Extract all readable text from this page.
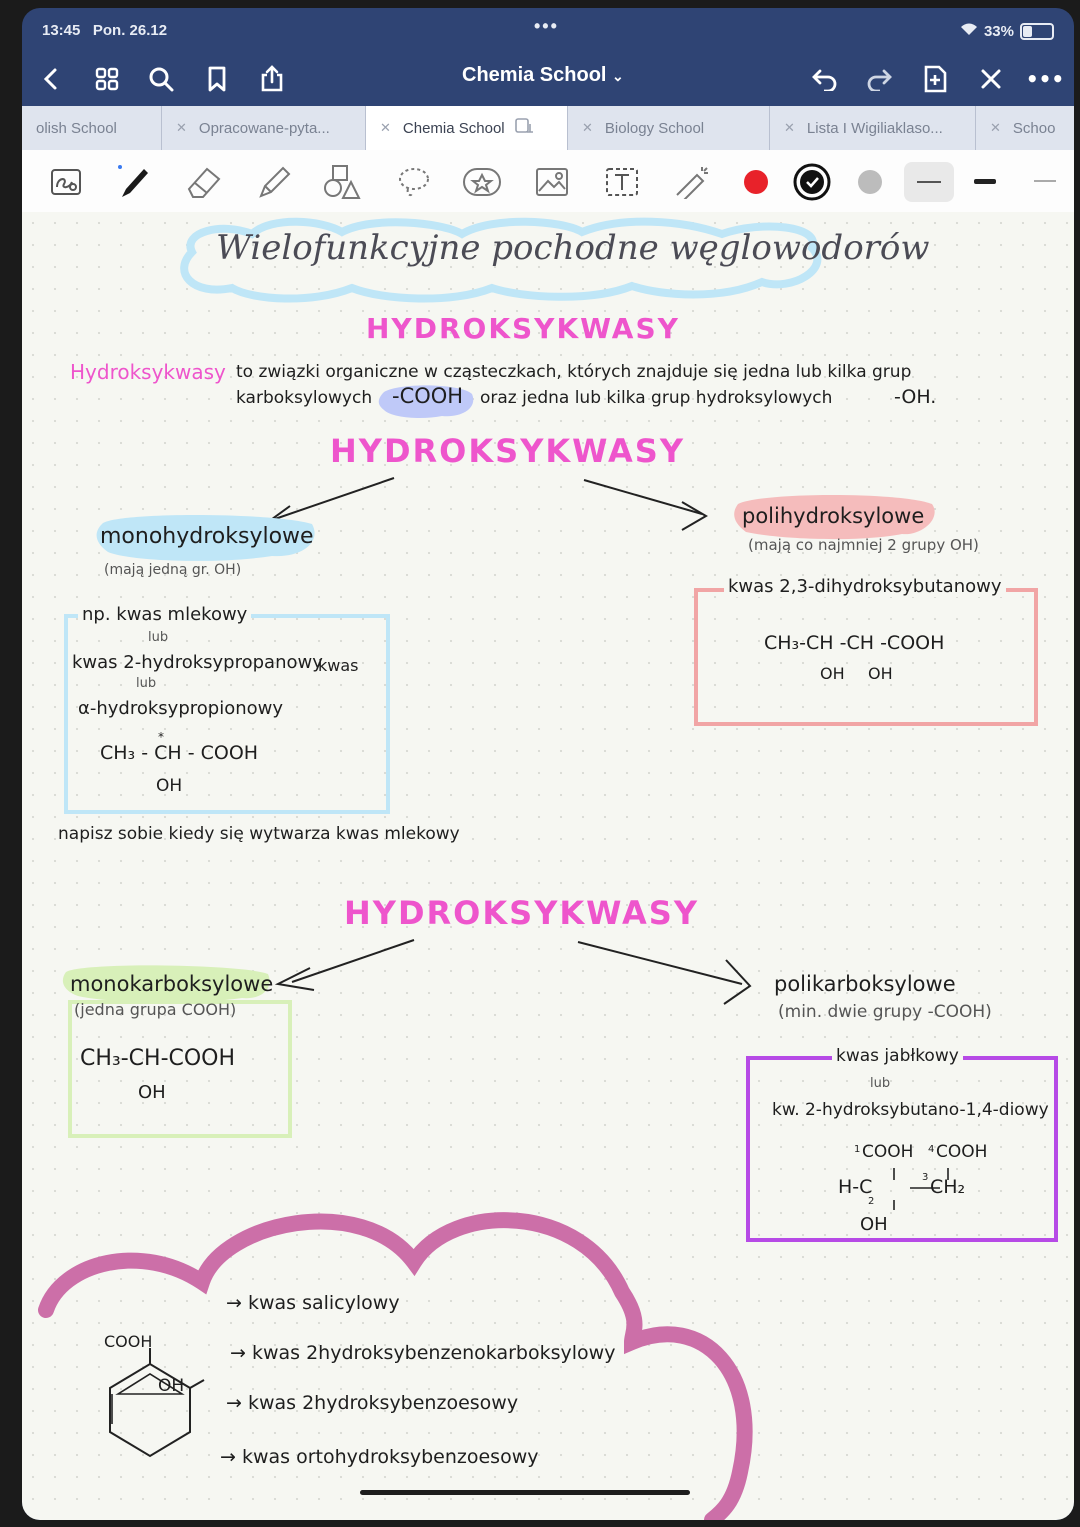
13:45 Pon. 26.12	•••	33%
Chemia School ⌄	•••
olish School	✕ Opracowane-pyta...	✕ Chemia School	✕ Biology School	✕ Lista I Wigiliaklaso...	✕ Schoo
Wielofunkcyjne pochodne węglowodorów
HYDROKSYKWASY
Hydroksykwasy to związki organiczne w cząsteczkach, których znajduje się jedna lub kilka grup
karboksylowych -COOH oraz jedna lub kilka grup hydroksylowych	-OH.
HYDROKSYKWASY
monohydroksylowe
(mają jedną gr. OH)
polihydroksylowe
(mają co najmniej 2 grupy OH)
np. kwas mlekowy
lub
kwas 2-hydroksypropanowy
kwas
lub
α-hydroksypropionowy
CH₃ - CH - COOH
*
OH
napisz sobie kiedy się wytwarza kwas mlekowy
kwas 2,3-dihydroksybutanowy
CH₃-CH -CH -COOH
OH OH
HYDROKSYKWASY
monokarboksylowe
(jedna grupa COOH)
CH₃-CH-COOH
OH
polikarboksylowe
(min. dwie grupy -COOH)
kwas jabłkowy
lub
kw. 2-hydroksybutano-1,4-diowy
1 COOH 4 COOH
H-C
2
3 CH₂
OH
COOH
OH
→ kwas salicylowy
→ kwas 2hydroksybenzenokarboksylowy
→ kwas 2hydroksybenzoesowy
→ kwas ortohydroksybenzoesowy
